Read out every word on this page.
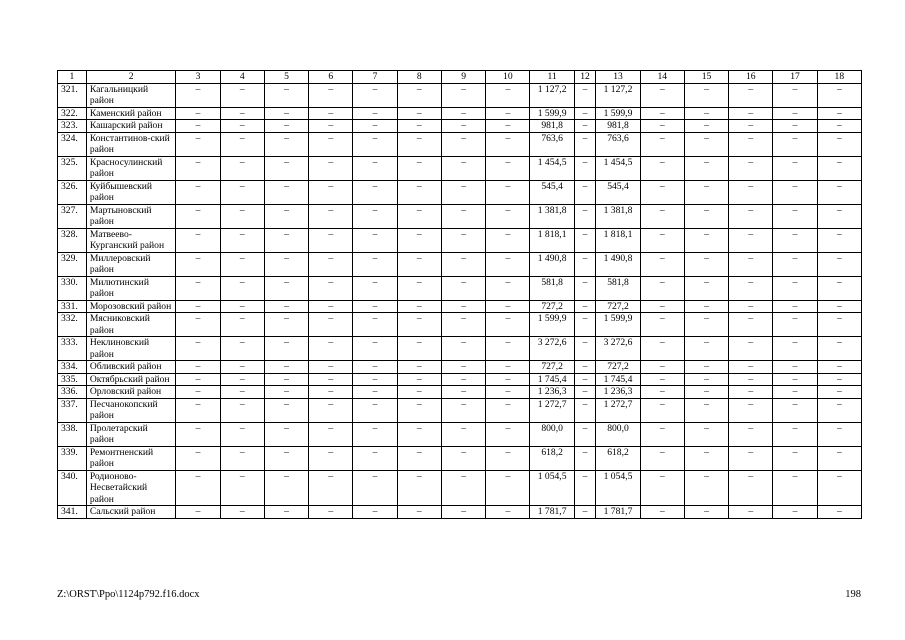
1	2	3	4	5	6	7	8	9	10	11	12	13	14	15	16	17	18
321.	Кагальницкий район	–	–	–	–	–	–	–	–	1 127,2	–	1 127,2	–	–	–	–	–
322.	Каменский район	–	–	–	–	–	–	–	–	1 599,9	–	1 599,9	–	–	–	–	–
323.	Кашарский район	–	–	–	–	–	–	–	–	981,8	–	981,8	–	–	–	–	–
324.	Константинов-ский район	–	–	–	–	–	–	–	–	763,6	–	763,6	–	–	–	–	–
325.	Красносулинский район	–	–	–	–	–	–	–	–	1 454,5	–	1 454,5	–	–	–	–	–
326.	Куйбышевский район	–	–	–	–	–	–	–	–	545,4	–	545,4	–	–	–	–	–
327.	Мартыновский район	–	–	–	–	–	–	–	–	1 381,8	–	1 381,8	–	–	–	–	–
328.	Матвеево-Курганский район	–	–	–	–	–	–	–	–	1 818,1	–	1 818,1	–	–	–	–	–
329.	Миллеровский район	–	–	–	–	–	–	–	–	1 490,8	–	1 490,8	–	–	–	–	–
330.	Милютинский район	–	–	–	–	–	–	–	–	581,8	–	581,8	–	–	–	–	–
331.	Морозовский район	–	–	–	–	–	–	–	–	727,2	–	727,2	–	–	–	–	–
332.	Мясниковский район	–	–	–	–	–	–	–	–	1 599,9	–	1 599,9	–	–	–	–	–
333.	Неклиновский район	–	–	–	–	–	–	–	–	3 272,6	–	3 272,6	–	–	–	–	–
334.	Обливский район	–	–	–	–	–	–	–	–	727,2	–	727,2	–	–	–	–	–
335.	Октябрьский район	–	–	–	–	–	–	–	–	1 745,4	–	1 745,4	–	–	–	–	–
336.	Орловский район	–	–	–	–	–	–	–	–	1 236,3	–	1 236,3	–	–	–	–	–
337.	Песчанокопский район	–	–	–	–	–	–	–	–	1 272,7	–	1 272,7	–	–	–	–	–
338.	Пролетарский район	–	–	–	–	–	–	–	–	800,0	–	800,0	–	–	–	–	–
339.	Ремонтненский район	–	–	–	–	–	–	–	–	618,2	–	618,2	–	–	–	–	–
340.	Родионово-Несветайский район	–	–	–	–	–	–	–	–	1 054,5	–	1 054,5	–	–	–	–	–
341.	Сальский район	–	–	–	–	–	–	–	–	1 781,7	–	1 781,7	–	–	–	–	–
Z:\ORST\Ppo\1124p792.f16.docx	198
